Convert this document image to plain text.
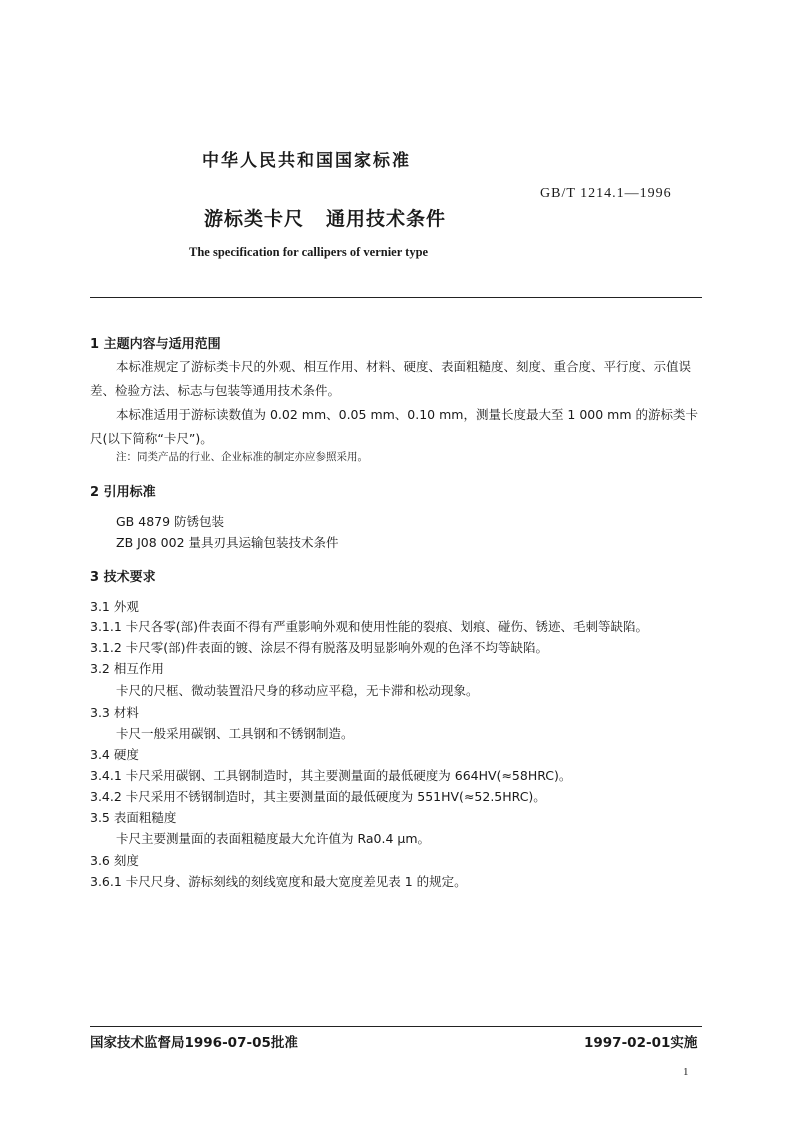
中华人民共和国国家标准
GB/T 1214.1—1996
游标类卡尺 通用技术条件
The specification for callipers of vernier type
1 主题内容与适用范围
本标准规定了游标类卡尺的外观、相互作用、材料、硬度、表面粗糙度、刻度、重合度、平行度、示值误差、检验方法、标志与包装等通用技术条件。
本标准适用于游标读数值为 0.02 mm、0.05 mm、0.10 mm，测量长度最大至 1 000 mm 的游标类卡尺(以下简称“卡尺”)。
注：同类产品的行业、企业标准的制定亦应参照采用。
2 引用标准
GB 4879 防锈包装
ZB J08 002 量具刃具运输包装技术条件
3 技术要求
3.1 外观
3.1.1 卡尺各零(部)件表面不得有严重影响外观和使用性能的裂痕、划痕、碰伤、锈迹、毛刺等缺陷。
3.1.2 卡尺零(部)件表面的镀、涂层不得有脱落及明显影响外观的色泽不均等缺陷。
3.2 相互作用
卡尺的尺框、微动装置沿尺身的移动应平稳，无卡滞和松动现象。
3.3 材料
卡尺一般采用碳钢、工具钢和不锈钢制造。
3.4 硬度
3.4.1 卡尺采用碳钢、工具钢制造时，其主要测量面的最低硬度为 664HV(≈58HRC)。
3.4.2 卡尺采用不锈钢制造时，其主要测量面的最低硬度为 551HV(≈52.5HRC)。
3.5 表面粗糙度
卡尺主要测量面的表面粗糙度最大允许值为 Ra0.4 μm。
3.6 刻度
3.6.1 卡尺尺身、游标刻线的刻线宽度和最大宽度差见表 1 的规定。
国家技术监督局1996-07-05批准	1997-02-01实施
1
